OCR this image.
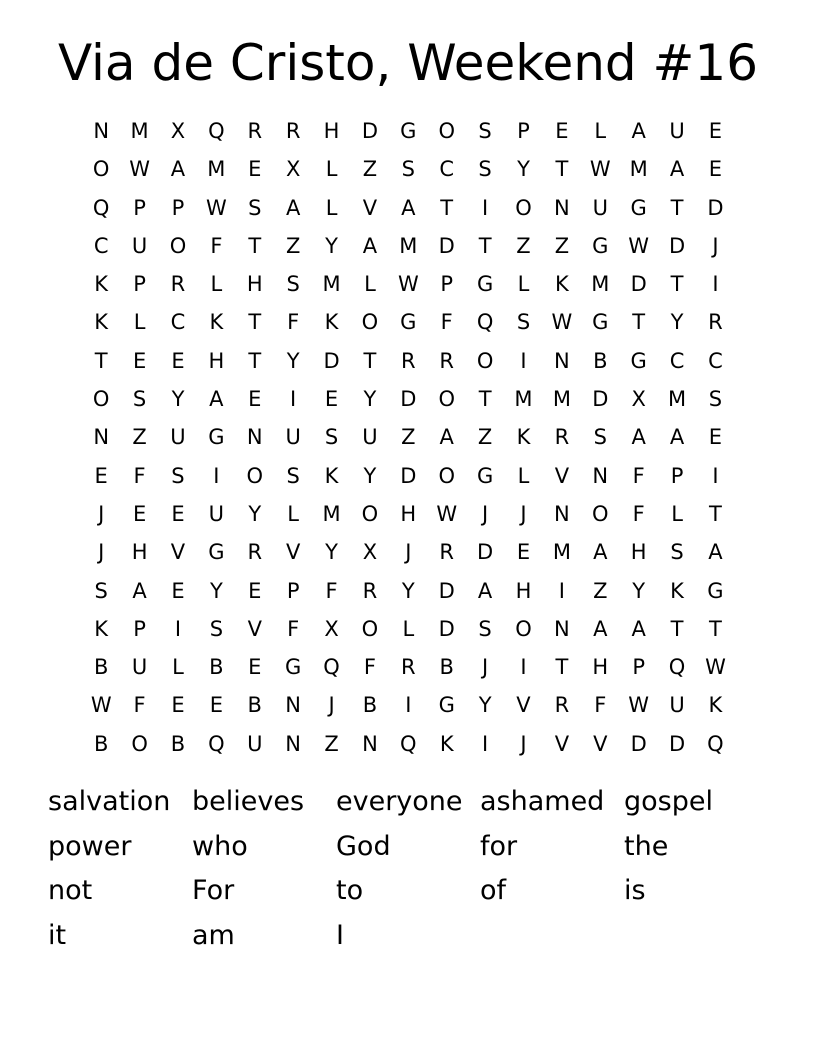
Via de Cristo, Weekend #16
N	M	X	Q	R	R	H	D	G	O	S	P	E	L	A	U	E
O W A	M	E	X	L	Z	S	C	S	Y	T	W M	A	E
Q	P	P	W	S	A	L	V	A	T	I	O	N	U	G	T	D
C	U	O	F	T	Z	Y	A	M	D	T	Z	Z	G W D	J
K	P	R	L	H	S	M	L	W	P	G	L	K	M	D	T	I
K	L	C	K	T	F	K	O	G	F	Q	S	W G	T	Y	R
T	E	E	H	T	Y	D	T	R	R	O	I	N	B	G	C	C
O	S	Y	A	E	I	E	Y	D	O	T	M M	D	X	M	S
N	Z	U	G	N	U	S	U	Z	A	Z	K	R	S	A	A	E
E	F	S	I	O	S	K	Y	D	O	G	L	V	N	F	P	I
J	E	E	U	Y	L	M	O	H W	J	J	N	O	F	L	T
J	H	V	G	R	V	Y	X	J	R	D	E	M	A	H	S	A
S	A	E	Y	E	P	F	R	Y	D	A	H	I	Z	Y	K	G
K	P	I	S	V	F	X	O	L	D	S	O	N	A	A	T	T
B	U	L	B	E	G	Q	F	R	B	J	I	T	H	P	Q W
W	F	E	E	B	N	J	B	I	G	Y	V	R	F	W U	K
B	O	B	Q	U	N	Z	N	Q	K	I	J	V	V	D	D	Q
salvation believes	everyone ashamed gospel
power	who	God	for	the
not	For	to	of	is
it	am	I
